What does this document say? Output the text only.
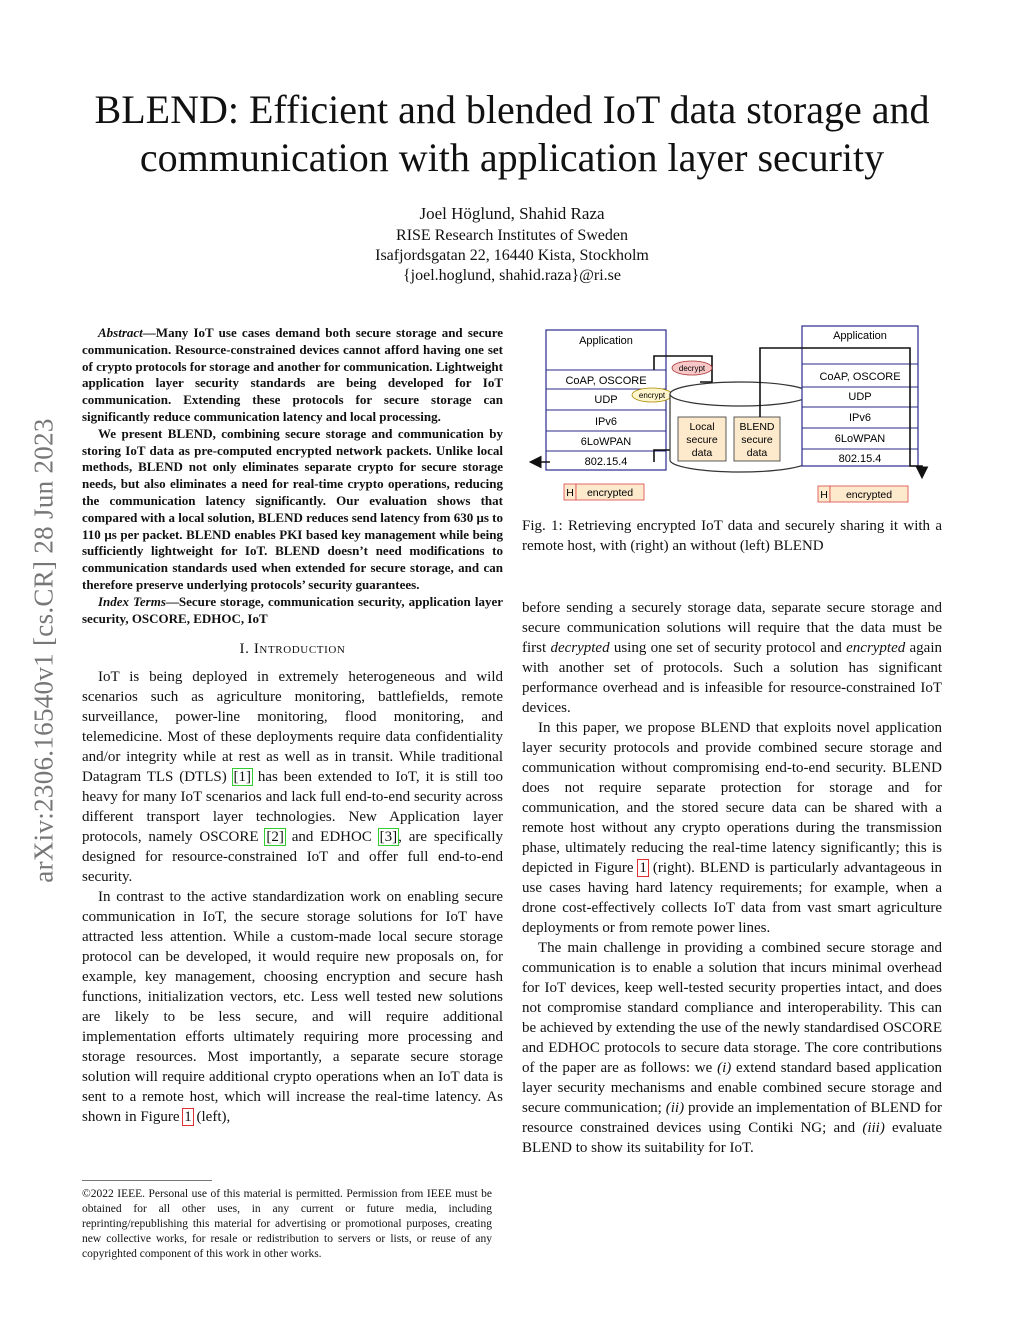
arXiv:2306.16540v1 [cs.CR] 28 Jun 2023
BLEND: Efficient and blended IoT data storage and
communication with application layer security
Joel Höglund, Shahid Raza
RISE Research Institutes of Sweden
Isafjordsgatan 22, 16440 Kista, Stockholm
{joel.hoglund, shahid.raza}@ri.se

Abstract—Many IoT use cases demand both secure storage and secure communication. Resource-constrained devices cannot afford having one set of crypto protocols for storage and another for communication. Lightweight application layer security standards are being developed for IoT communication. Extending these protocols for secure storage can significantly reduce communication latency and local processing.

We present BLEND, combining secure storage and communication by storing IoT data as pre-computed encrypted network packets. Unlike local methods, BLEND not only eliminates separate crypto for secure storage needs, but also eliminates a need for real-time crypto operations, reducing the communication latency significantly. Our evaluation shows that compared with a local solution, BLEND reduces send latency from 630 μs to 110 μs per packet. BLEND enables PKI based key management while being sufficiently lightweight for IoT. BLEND doesn’t need modifications to communication standards used when extended for secure storage, and can therefore preserve underlying protocols’ security guarantees.

Index Terms—Secure storage, communication security, application layer security, OSCORE, EDHOC, IoT

I. Introduction

IoT is being deployed in extremely heterogeneous and wild scenarios such as agriculture monitoring, battlefields, remote surveillance, power-line monitoring, flood monitoring, and telemedicine. Most of these deployments require data confidentiality and/or integrity while at rest as well as in transit. While traditional Datagram TLS (DTLS) [1] has been extended to IoT, it is still too heavy for many IoT scenarios and lack full end-to-end security across different transport layer technologies. New Application layer protocols, namely OSCORE [2] and EDHOC [3], are specifically designed for resource-constrained IoT and offer full end-to-end security.

In contrast to the active standardization work on enabling secure communication in IoT, the secure storage solutions for IoT have attracted less attention. While a custom-made local secure storage protocol can be developed, it would require new proposals on, for example, key management, choosing encryption and secure hash functions, initialization vectors, etc. Less well tested new solutions are likely to be less secure, and will require additional implementation efforts ultimately requiring more processing and storage resources. Most importantly, a separate secure storage solution will require additional crypto operations when an IoT data is sent to a remote host, which will increase the real-time latency. As shown in Figure 1 (left),

©2022 IEEE. Personal use of this material is permitted. Permission from IEEE must be obtained for all other uses, in any current or future media, including reprinting/republishing this material for advertising or promotional purposes, creating new collective works, for resale or redistribution to servers or lists, or reuse of any copyrighted component of this work in other works.
Application
CoAP, OSCORE
UDP
IPv6
6LoWPAN
802.15.4
decrypt
encrypt
Local
secure
data
BLEND
secure
data
Application
CoAP, OSCORE
UDP
IPv6
6LoWPAN
802.15.4
H encrypted	H encrypted
Fig. 1: Retrieving encrypted IoT data and securely sharing it with a remote host, with (right) an without (left) BLEND

before sending a securely storage data, separate secure storage and secure communication solutions will require that the data must be first decrypted using one set of security protocol and encrypted again with another set of protocols. Such a solution has significant performance overhead and is infeasible for resource-constrained IoT devices.

In this paper, we propose BLEND that exploits novel application layer security protocols and provide combined secure storage and communication without compromising end-to-end security. BLEND does not require separate protection for storage and for communication, and the stored secure data can be shared with a remote host without any crypto operations during the transmission phase, ultimately reducing the real-time latency significantly; this is depicted in Figure 1 (right). BLEND is particularly advantageous in use cases having hard latency requirements; for example, when a drone cost-effectively collects IoT data from vast smart agriculture deployments or from remote power lines.

The main challenge in providing a combined secure storage and communication is to enable a solution that incurs minimal overhead for IoT devices, keep well-tested security properties intact, and does not compromise standard compliance and interoperability. This can be achieved by extending the use of the newly standardised OSCORE and EDHOC protocols to secure data storage. The core contributions of the paper are as follows: we (i) extend standard based application layer security mechanisms and enable combined secure storage and secure communication; (ii) provide an implementation of BLEND for resource constrained devices using Contiki NG; and (iii) evaluate BLEND to show its suitability for IoT.
